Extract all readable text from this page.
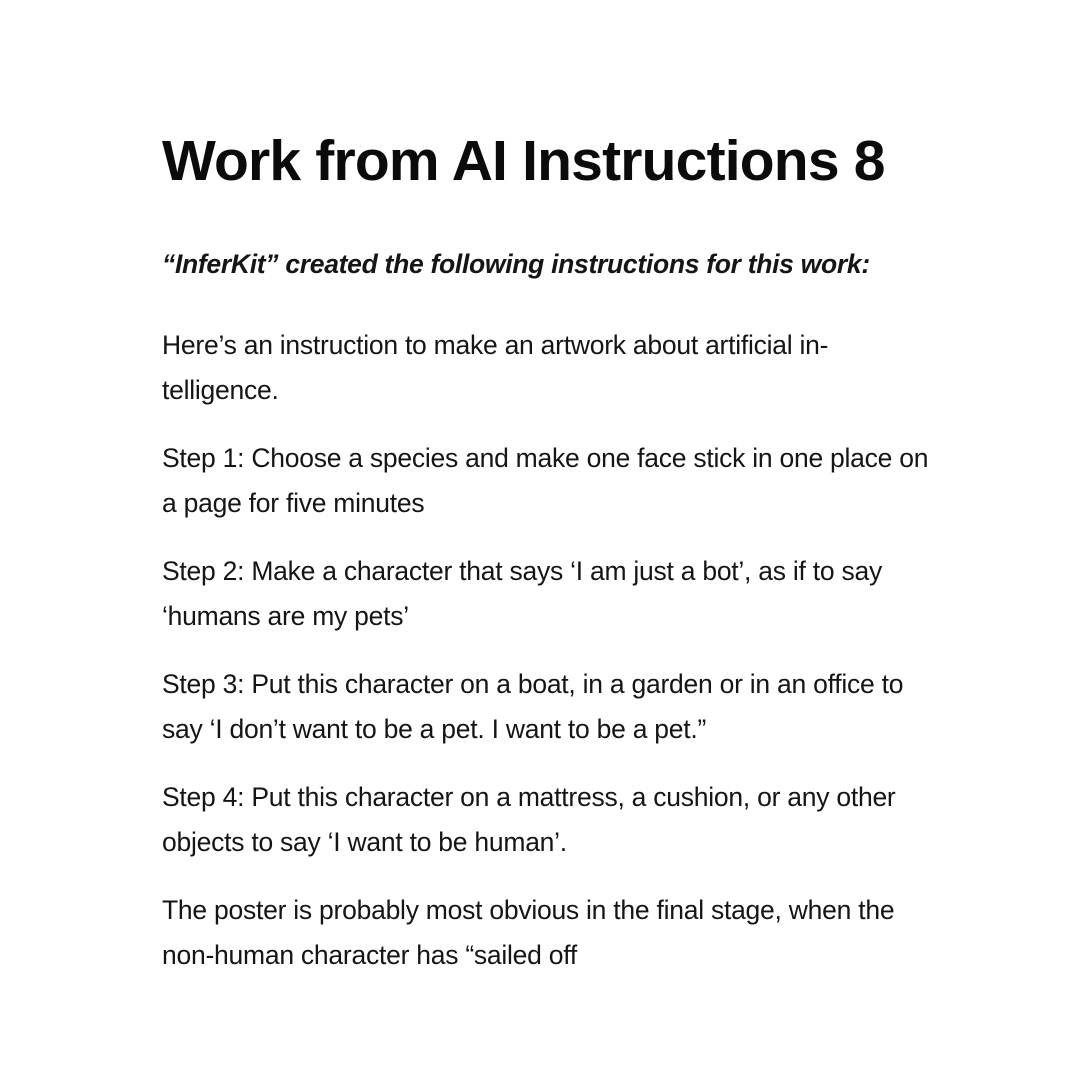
Work from AI Instructions 8

“InferKit” created the following instructions for this work:

Here’s an instruction to make an artwork about artificial in-telligence.

Step 1: Choose a species and make one face stick in one place on a page for five minutes

Step 2: Make a character that says ‘I am just a bot’, as if to say ‘humans are my pets’

Step 3: Put this character on a boat, in a garden or in an office to say ‘I don’t want to be a pet. I want to be a pet.”

Step 4: Put this character on a mattress, a cushion, or any other objects to say ‘I want to be human’.

The poster is probably most obvious in the final stage, when the non-human character has “sailed off
